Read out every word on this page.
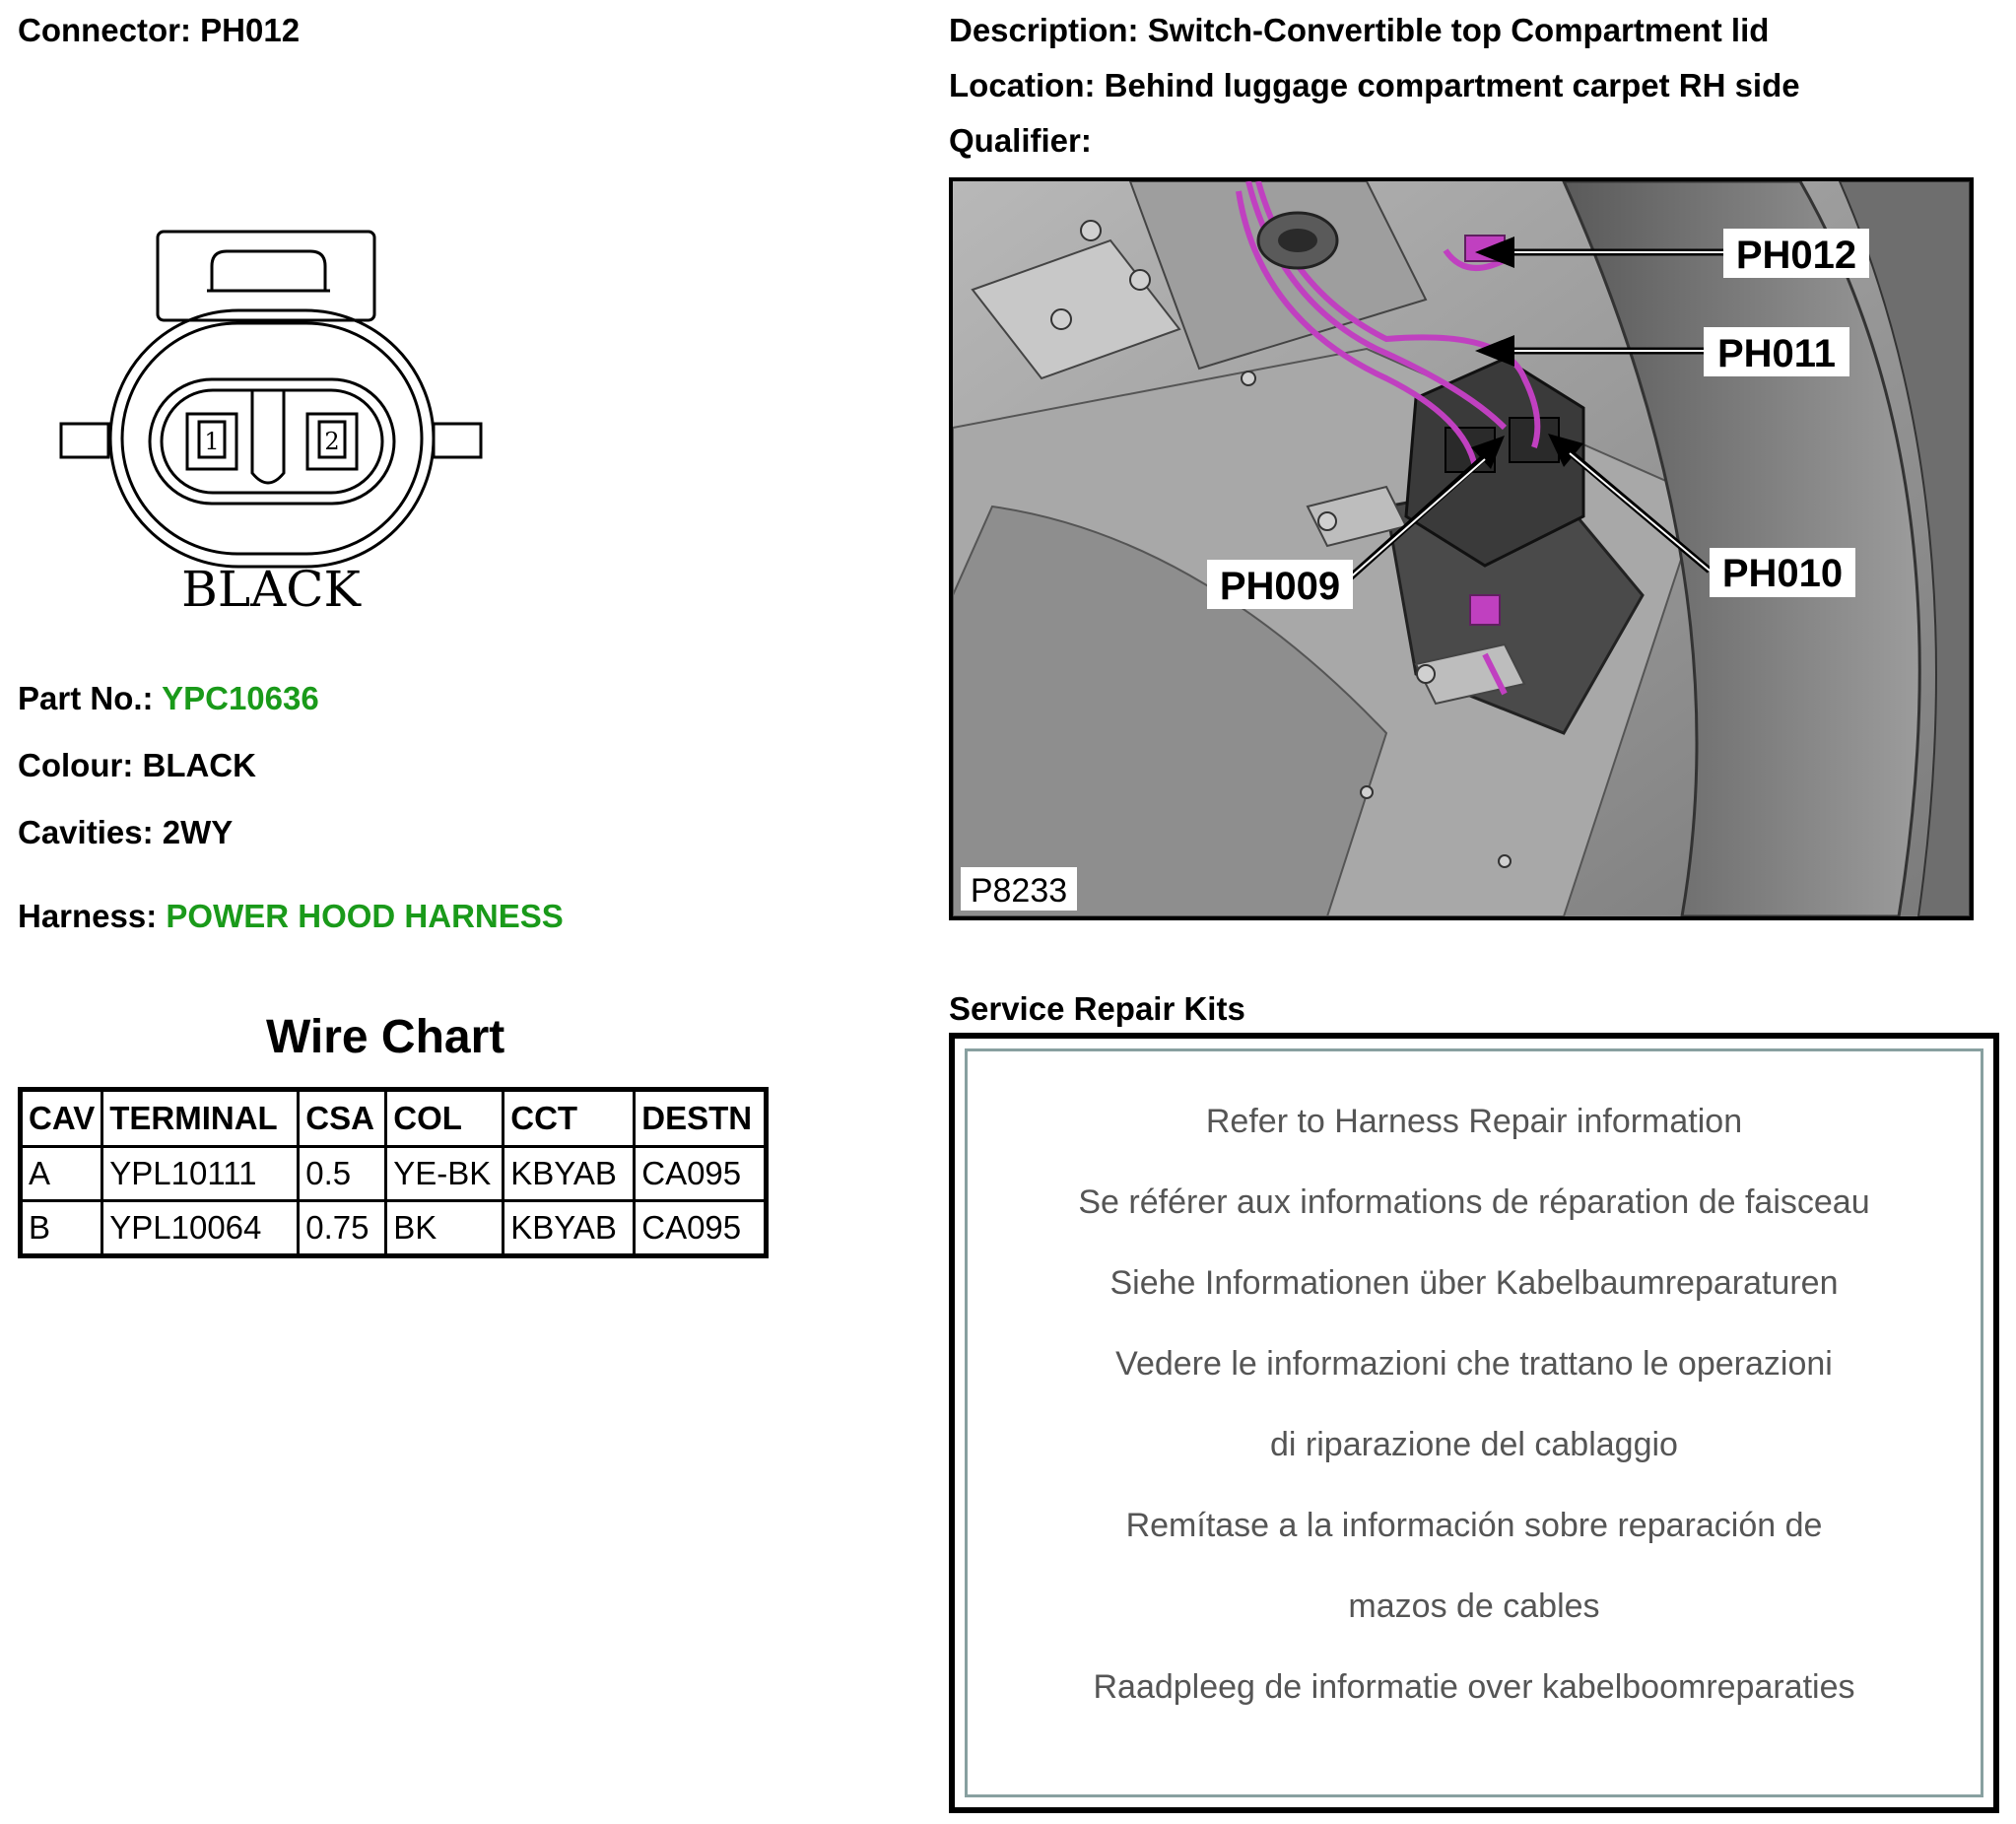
Connector: PH012	Description: Switch-Convertible top Compartment lid
Location: Behind luggage compartment carpet RH side
Qualifier:
1	2
BLACK
Part No.: YPC10636
Colour: BLACK
Cavities: 2WY
Harness: POWER HOOD HARNESS
Wire Chart
CAV	TERMINAL	CSA	COL	CCT	DESTN
A	YPL10111	0.5	YE-BK	KBYAB	CA095
B	YPL10064	0.75	BK	KBYAB	CA095
PH012
PH011
PH009	PH010
P8233
Service Repair Kits
Refer to Harness Repair information
Se référer aux informations de réparation de faisceau
Siehe Informationen über Kabelbaumreparaturen
Vedere le informazioni che trattano le operazioni
di riparazione del cablaggio
Remítase a la información sobre reparación de
mazos de cables
Raadpleeg de informatie over kabelboomreparaties
